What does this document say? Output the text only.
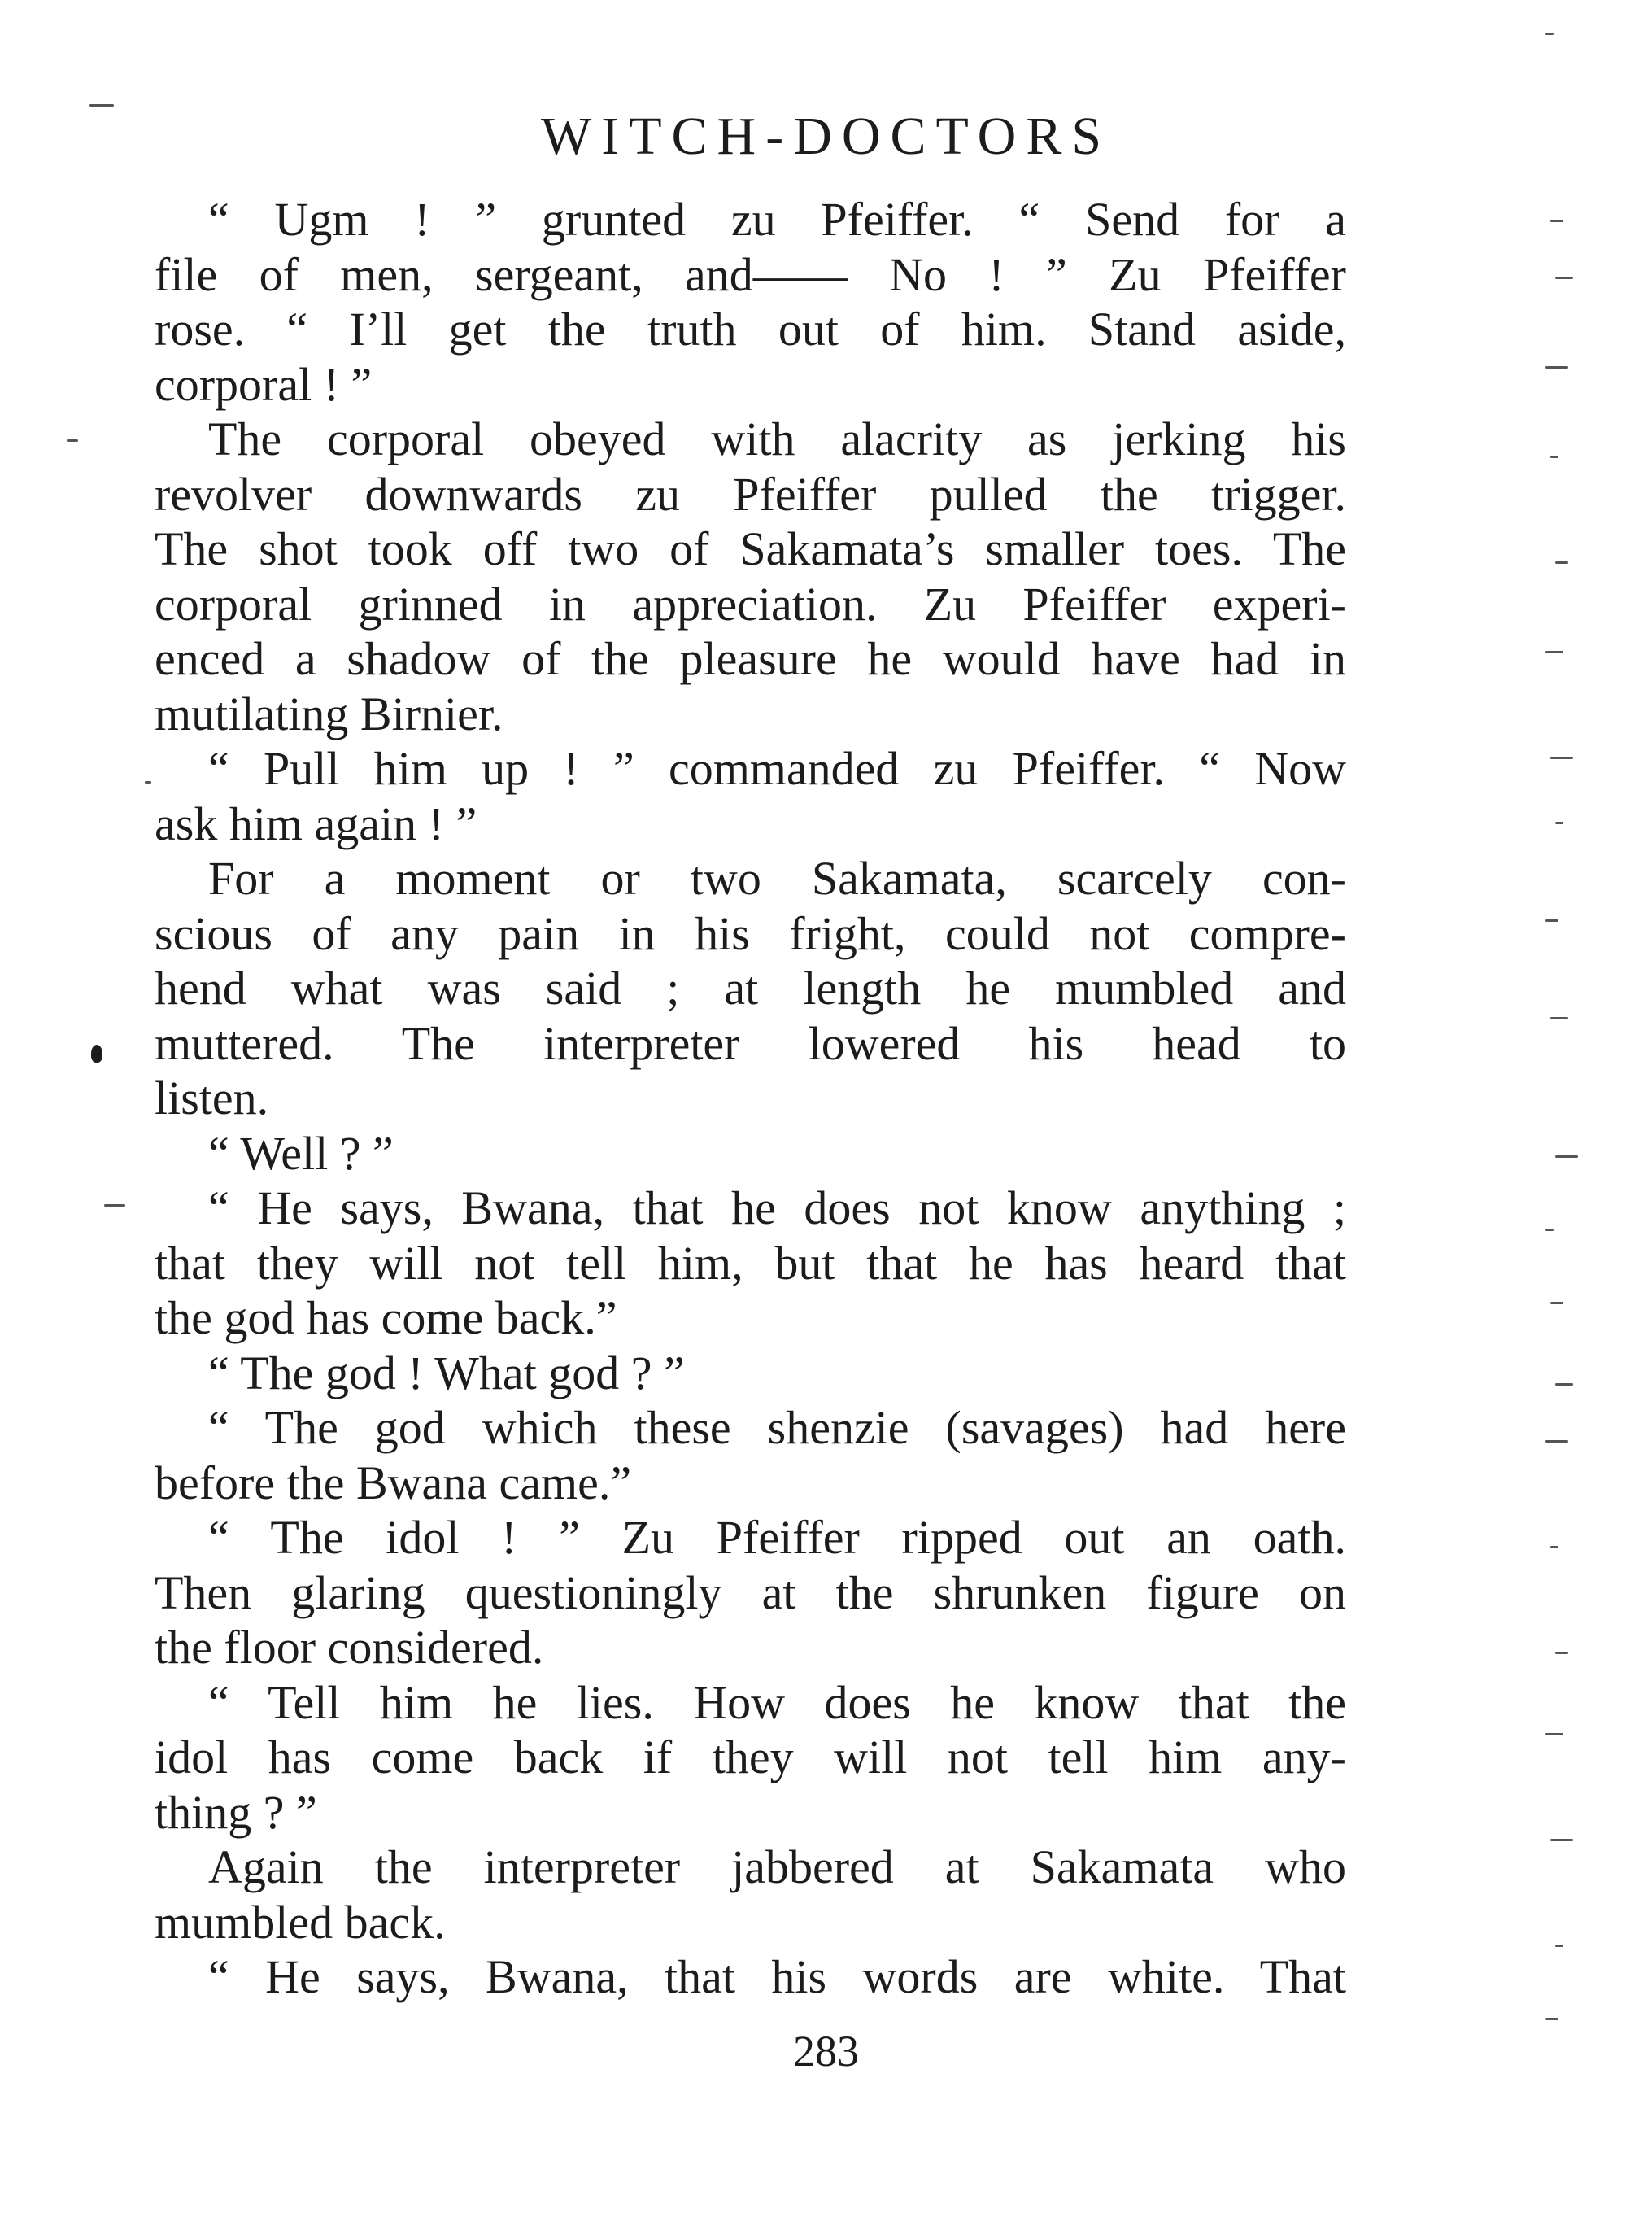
WITCH-DOCTORS
“ Ugm ! ” grunted zu Pfeiffer. “ Send for a
file of men, sergeant, and—— No ! ” Zu Pfeiffer
rose. “ I’ll get the truth out of him. Stand aside,
corporal ! ”
The corporal obeyed with alacrity as jerking his
revolver downwards zu Pfeiffer pulled the trigger.
The shot took off two of Sakamata’s smaller toes. The
corporal grinned in appreciation. Zu Pfeiffer experi-
enced a shadow of the pleasure he would have had in
mutilating Birnier.
“ Pull him up ! ” commanded zu Pfeiffer. “ Now
ask him again ! ”
For a moment or two Sakamata, scarcely con-
scious of any pain in his fright, could not compre-
hend what was said ; at length he mumbled and
muttered. The interpreter lowered his head to
listen.
“ Well ? ”
“ He says, Bwana, that he does not know anything ;
that they will not tell him, but that he has heard that
the god has come back.”
“ The god ! What god ? ”
“ The god which these shenzie (savages) had here
before the Bwana came.”
“ The idol ! ” Zu Pfeiffer ripped out an oath.
Then glaring questioningly at the shrunken figure on
the floor considered.
“ Tell him he lies. How does he know that the
idol has come back if they will not tell him any-
thing ? ”
Again the interpreter jabbered at Sakamata who
mumbled back.
“ He says, Bwana, that his words are white. That
283
